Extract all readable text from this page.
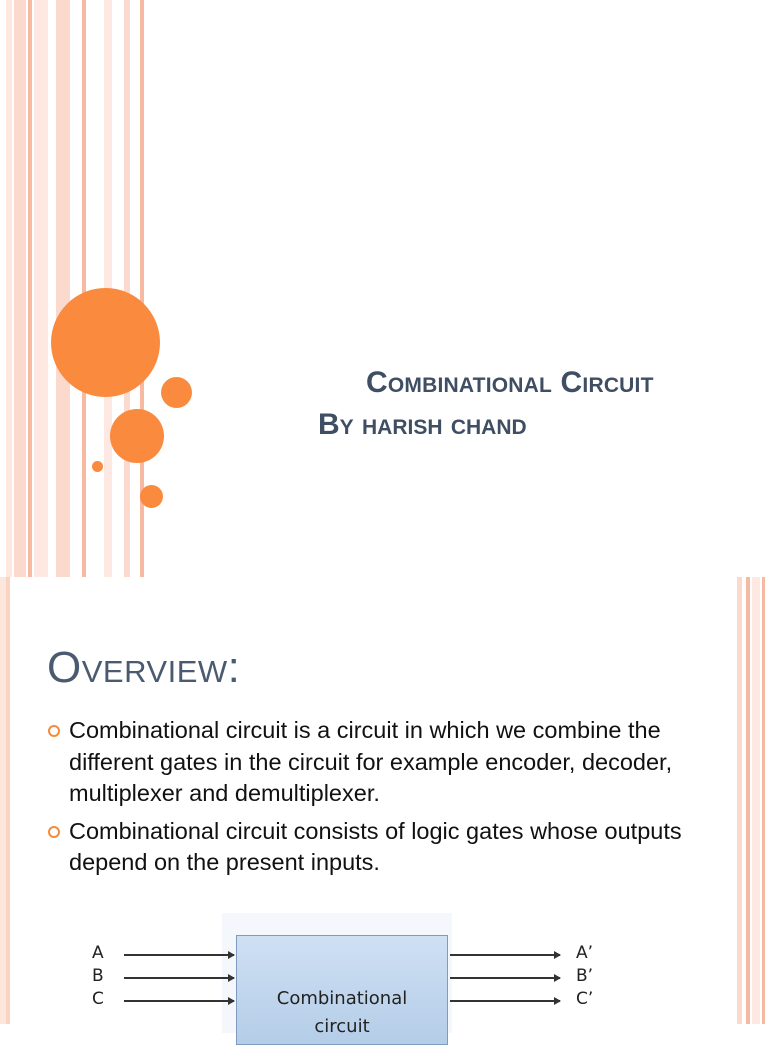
Combinational Circuit
By harish chand
Overview:
Combinational circuit is a circuit in which we combine the different gates in the circuit for example encoder, decoder, multiplexer and demultiplexer.
Combinational circuit consists of logic gates whose outputs depend on the present inputs.
A
B
C	Combinational
circuit
A’
B’
C’
